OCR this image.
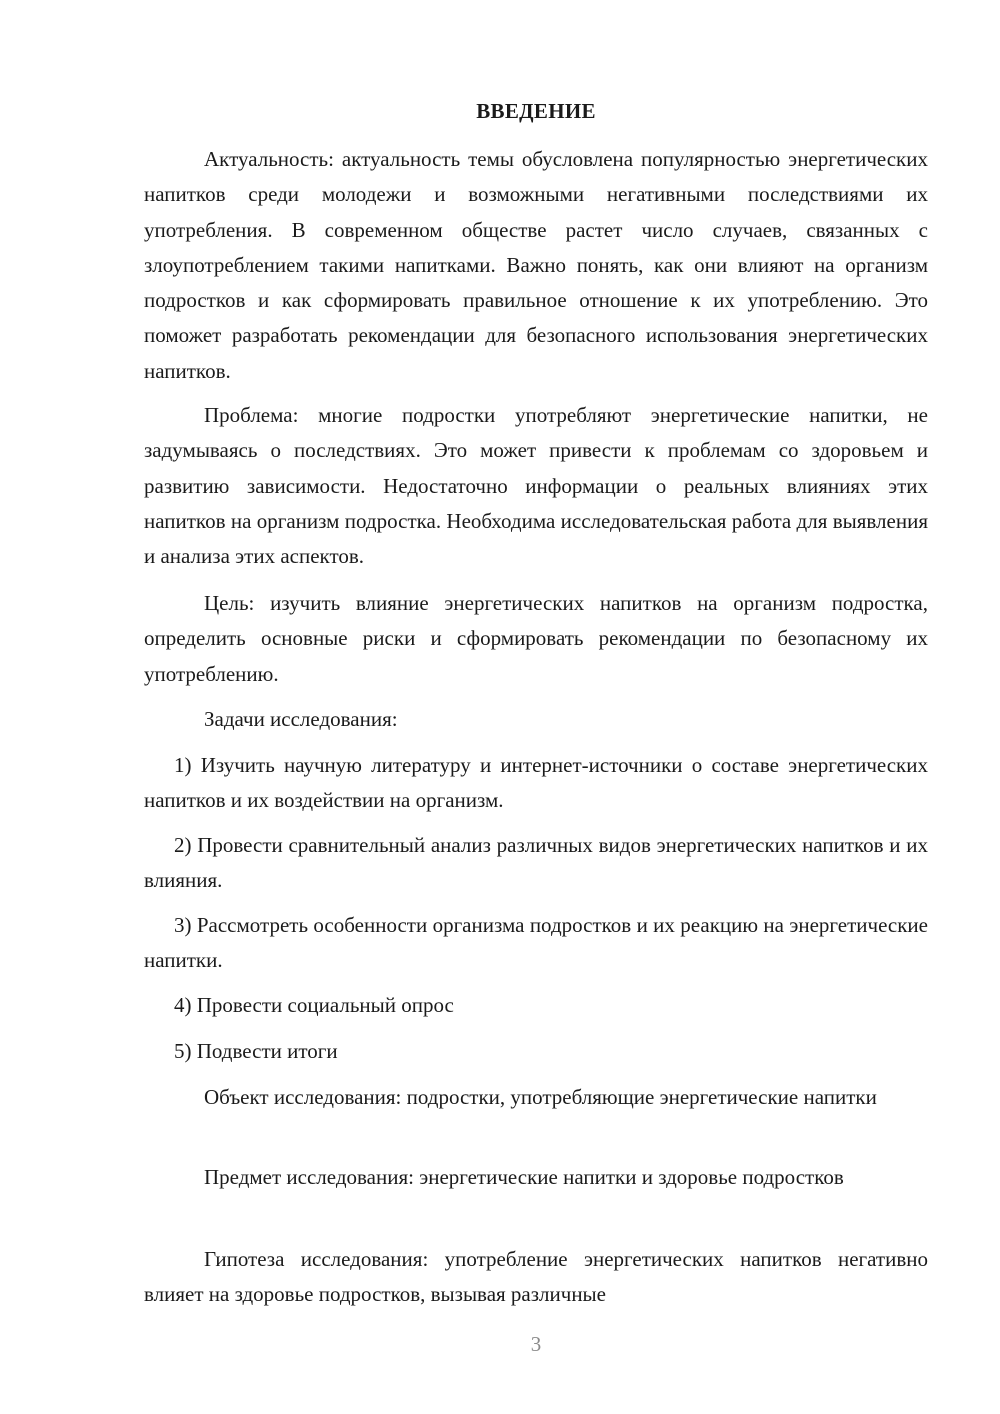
ВВЕДЕНИЕ

Актуальность: актуальность темы обусловлена популярностью энергетических напитков среди молодежи и возможными негативными последствиями их употребления. В современном обществе растет число случаев, связанных с злоупотреблением такими напитками. Важно понять, как они влияют на организм подростков и как сформировать правильное отношение к их употреблению. Это поможет разработать рекомендации для безопасного использования энергетических напитков.

Проблема: многие подростки употребляют энергетические напитки, не задумываясь о последствиях. Это может привести к проблемам со здоровьем и развитию зависимости. Недостаточно информации о реальных влияниях этих напитков на организм подростка. Необходима исследовательская работа для выявления и анализа этих аспектов.

Цель: изучить влияние энергетических напитков на организм подростка, определить основные риски и сформировать рекомендации по безопасному их употреблению.

Задачи исследования:

1) Изучить научную литературу и интернет-источники о составе энергетических напитков и их воздействии на организм.

2) Провести сравнительный анализ различных видов энергетических напитков и их влияния.

3) Рассмотреть особенности организма подростков и их реакцию на энергетические напитки.

4) Провести социальный опрос

5) Подвести итоги

Объект исследования: подростки, употребляющие энергетические напитки

Предмет исследования: энергетические напитки и здоровье подростков

Гипотеза исследования: употребление энергетических напитков негативно влияет на здоровье подростков, вызывая различные

3
